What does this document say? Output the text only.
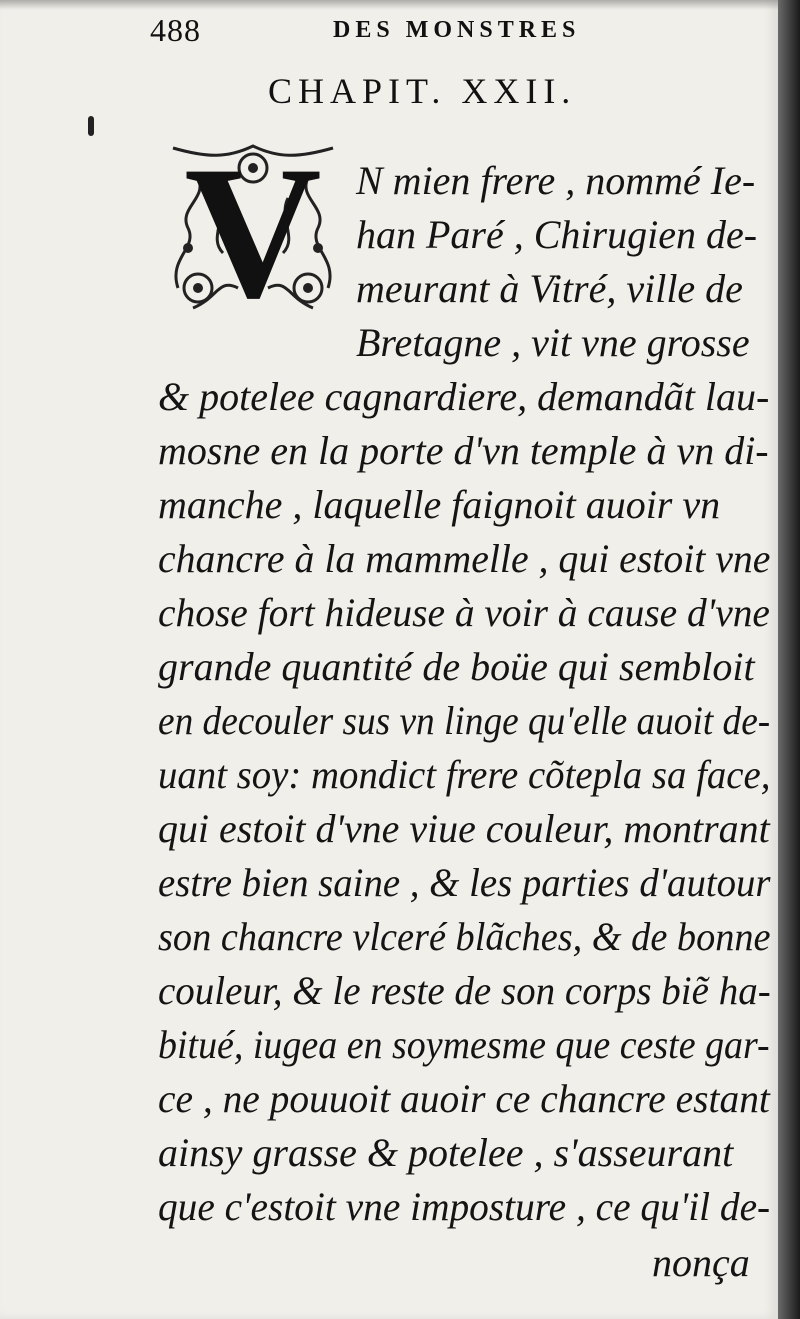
488	DES MONSTRES
CHAPIT. XXII.
V N mien frere , nommé Ie-

han Paré , Chirugien de-

meurant à Vitré, ville de

Bretagne , vit vne grosse

& potelee cagnardiere, demandãt lau-

mosne en la porte d'vn temple à vn di-

manche , laquelle faignoit auoir vn

chancre à la mammelle , qui estoit vne

chose fort hideuse à voir à cause d'vne

grande quantité de boüe qui sembloit

en decouler sus vn linge qu'elle auoit de-

uant soy: mondict frere cõtepla sa face,

qui estoit d'vne viue couleur, montrant

estre bien saine , & les parties d'autour

son chancre vlceré blãches, & de bonne

couleur, & le reste de son corps biẽ ha-

bitué, iugea en soymesme que ceste gar-

ce , ne pouuoit auoir ce chancre estant

ainsy grasse & potelee , s'asseurant

que c'estoit vne imposture , ce qu'il de-

nonça
